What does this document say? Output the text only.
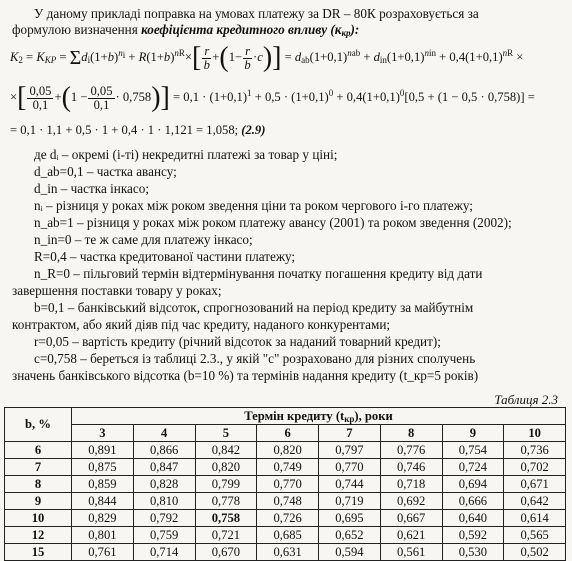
У даному прикладі поправка на умовах платежу за DR – 80К розраховується за
формулою визначення коефіцієнта кредитного впливу $(к_{кр})$:
$K_2 = K_{KP} = \Sigma d_i(1+b)^{n_i} + R(1+b)^{nR}\times[ \frac{r}{b} +(1- \frac{r}{b} \cdot c)] = d_{ab}(1+0,1)^{nab} + d_{in}(1+0,1)^{nin} + 0,4(1+0,1)^{nR}$ ×
×[ $\frac{0,05}{0,1} +(1 - \frac{0,05}{0,1} \cdot 0,758)] = 0,1 \cdot (1+0,1)^1 + 0,5 \cdot (1+0,1)^0 + 0,4(1+0,1)^0[0,5 + (1 - 0,5 \cdot 0,758)]$ =
= 0,1 · 1,1 + 0,5 · 1 + 0,4 · 1 · 1,121 = 1,058; (2.9)
де dᵢ – окремі (і-ті) некредитні платежі за товар у ціні;
d_ab=0,1 – частка авансу;
d_in – частка інкасо;
nᵢ – різниця у роках між роком зведення ціни та роком чергового і-го платежу;
n_ab=1 – різниця у роках між роком платежу авансу (2001) та роком зведення (2002);
n_in=0 – те ж саме для платежу інкасо;
R=0,4 – частка кредитованої частини платежу;
n_R=0 – пільговий термін відтермінування початку погашення кредиту від дати
завершення поставки товару у роках;
b=0,1 – банківський відсоток, спрогнозований на період кредиту за майбутнім
контрактом, або який діяв під час кредиту, наданого конкурентами;
r=0,05 – вартість кредиту (річний відсоток за наданий товарний кредит);
с=0,758 – береться із таблиці 2.3., у якій "с" розраховано для різних сполучень
значень банківського відсотка (b=10 %) та термінів надання кредиту (t_кр=5 років)
Таблиця 2.3
b, %	Термін кредиту $(t_{кр})$, роки							
	3	4	5	6	7	8	9	10
6	0,891	0,866	0,842	0,820	0,797	0,776	0,754	0,736
7	0,875	0,847	0,820	0,749	0,770	0,746	0,724	0,702
8	0,859	0,828	0,799	0,770	0,744	0,718	0,694	0,671
9	0,844	0,810	0,778	0,748	0,719	0,692	0,666	0,642
10	0,829	0,792	0,758	0,726	0,695	0,667	0,640	0,614
12	0,801	0,759	0,721	0,685	0,652	0,621	0,592	0,565
15	0,761	0,714	0,670	0,631	0,594	0,561	0,530	0,502
